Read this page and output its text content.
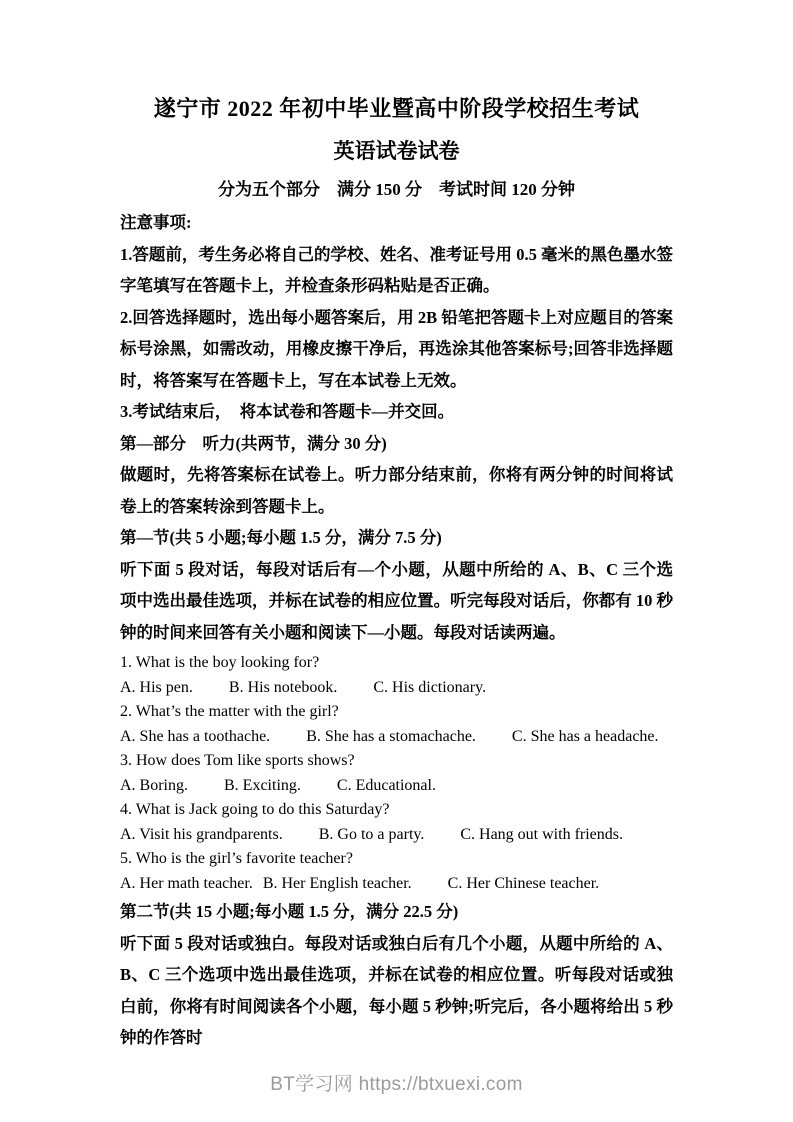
遂宁市 2022 年初中毕业暨高中阶段学校招生考试
英语试卷试卷
分为五个部分　满分 150 分　考试时间 120 分钟
注意事项:
1.答题前，考生务必将自己的学校、姓名、准考证号用 0.5 毫米的黑色墨水签字笔填写在答题卡上，并检查条形码粘贴是否正确。
2.回答选择题时，选出每小题答案后，用 2B 铅笔把答题卡上对应题目的答案标号涂黑，如需改动，用橡皮擦干净后，再选涂其他答案标号;回答非选择题时，将答案写在答题卡上，写在本试卷上无效。
3.考试结束后，　将本试卷和答题卡—并交回。
第—部分　听力(共两节，满分 30 分)
做题时，先将答案标在试卷上。听力部分结束前，你将有两分钟的时间将试卷上的答案转涂到答题卡上。
第—节(共 5 小题;每小题 1.5 分，满分 7.5 分)
听下面 5 段对话，每段对话后有—个小题，从题中所给的 A、B、C 三个选项中选出最佳选项，并标在试卷的相应位置。听完每段对话后，你都有 10 秒钟的时间来回答有关小题和阅读下—小题。每段对话读两遍。
1. What is the boy looking for?
A. His pen. B. His notebook. C. His dictionary.
2. What’s the matter with the girl?
A. She has a toothache. B. She has a stomachache. C. She has a headache.
3. How does Tom like sports shows?
A. Boring. B. Exciting. C. Educational.
4. What is Jack going to do this Saturday?
A. Visit his grandparents. B. Go to a party. C. Hang out with friends.
5. Who is the girl’s favorite teacher?
A. Her math teacher. B. Her English teacher. C. Her Chinese teacher.
第二节(共 15 小题;每小题 1.5 分，满分 22.5 分)
听下面 5 段对话或独白。每段对话或独白后有几个小题，从题中所给的 A、B、C 三个选项中选出最佳选项，并标在试卷的相应位置。听每段对话或独白前，你将有时间阅读各个小题，每小题 5 秒钟;听完后，各小题将给出 5 秒钟的作答时
BT学习网 https://btxuexi.com
